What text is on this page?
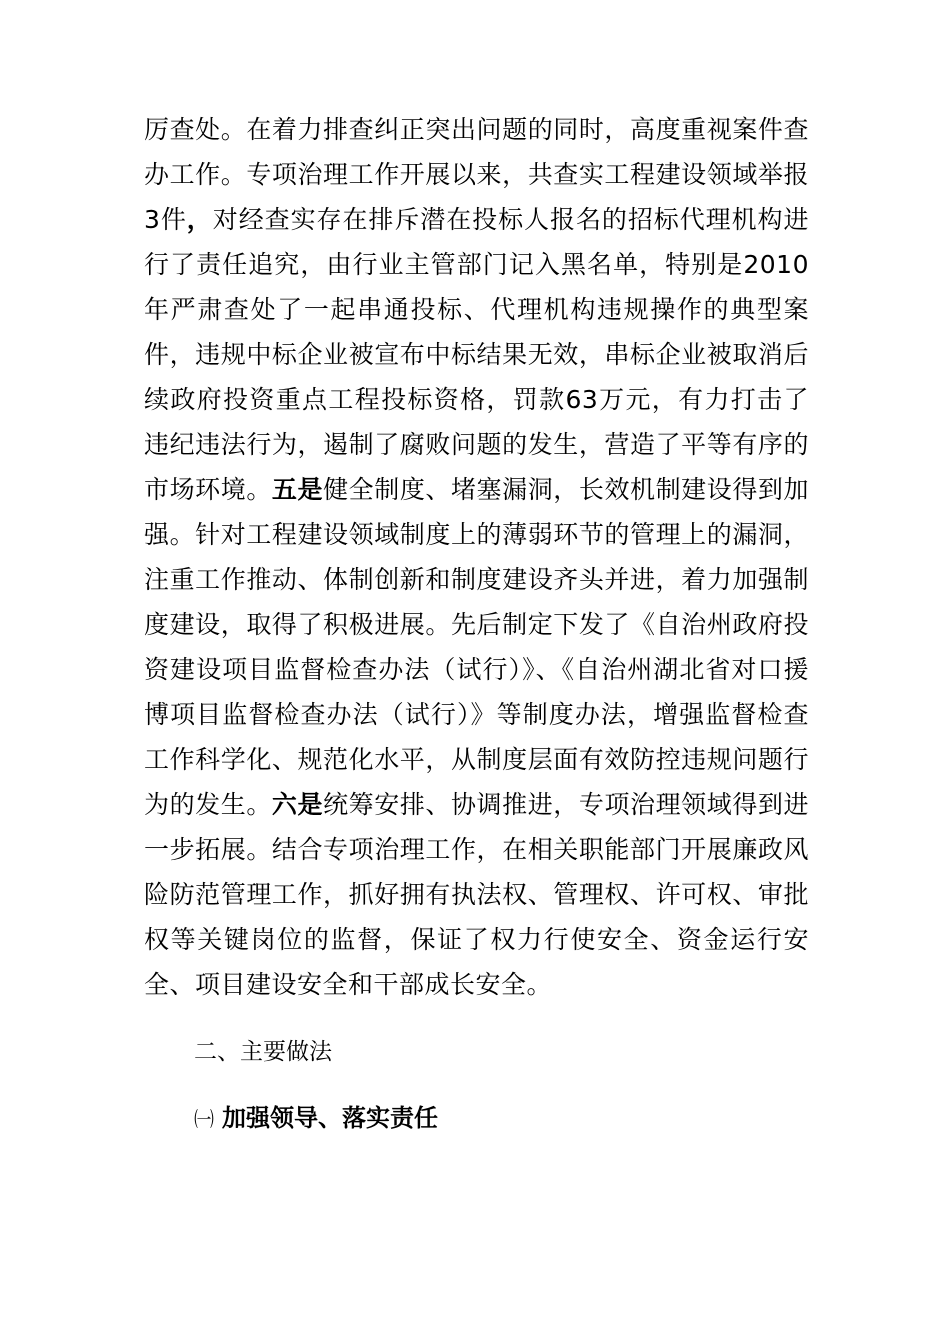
厉查处。在着力排查纠正突出问题的同时，高度重视案件查办工作。专项治理工作开展以来，共查实工程建设领域举报3件，对经查实存在排斥潜在投标人报名的招标代理机构进行了责任追究，由行业主管部门记入黑名单，特别是2010年严肃查处了一起串通投标、代理机构违规操作的典型案件，违规中标企业被宣布中标结果无效，串标企业被取消后续政府投资重点工程投标资格，罚款63万元，有力打击了违纪违法行为，遏制了腐败问题的发生，营造了平等有序的市场环境。五是健全制度、堵塞漏洞，长效机制建设得到加强。针对工程建设领域制度上的薄弱环节的管理上的漏洞，注重工作推动、体制创新和制度建设齐头并进，着力加强制度建设，取得了积极进展。先后制定下发了《自治州政府投资建设项目监督检查办法（试行）》、《自治州湖北省对口援博项目监督检查办法（试行）》等制度办法，增强监督检查工作科学化、规范化水平，从制度层面有效防控违规问题行为的发生。六是统筹安排、协调推进，专项治理领域得到进一步拓展。结合专项治理工作，在相关职能部门开展廉政风险防范管理工作，抓好拥有执法权、管理权、许可权、审批权等关键岗位的监督，保证了权力行使安全、资金运行安全、项目建设安全和干部成长安全。

二、主要做法
㈠ 加强领导、落实责任
